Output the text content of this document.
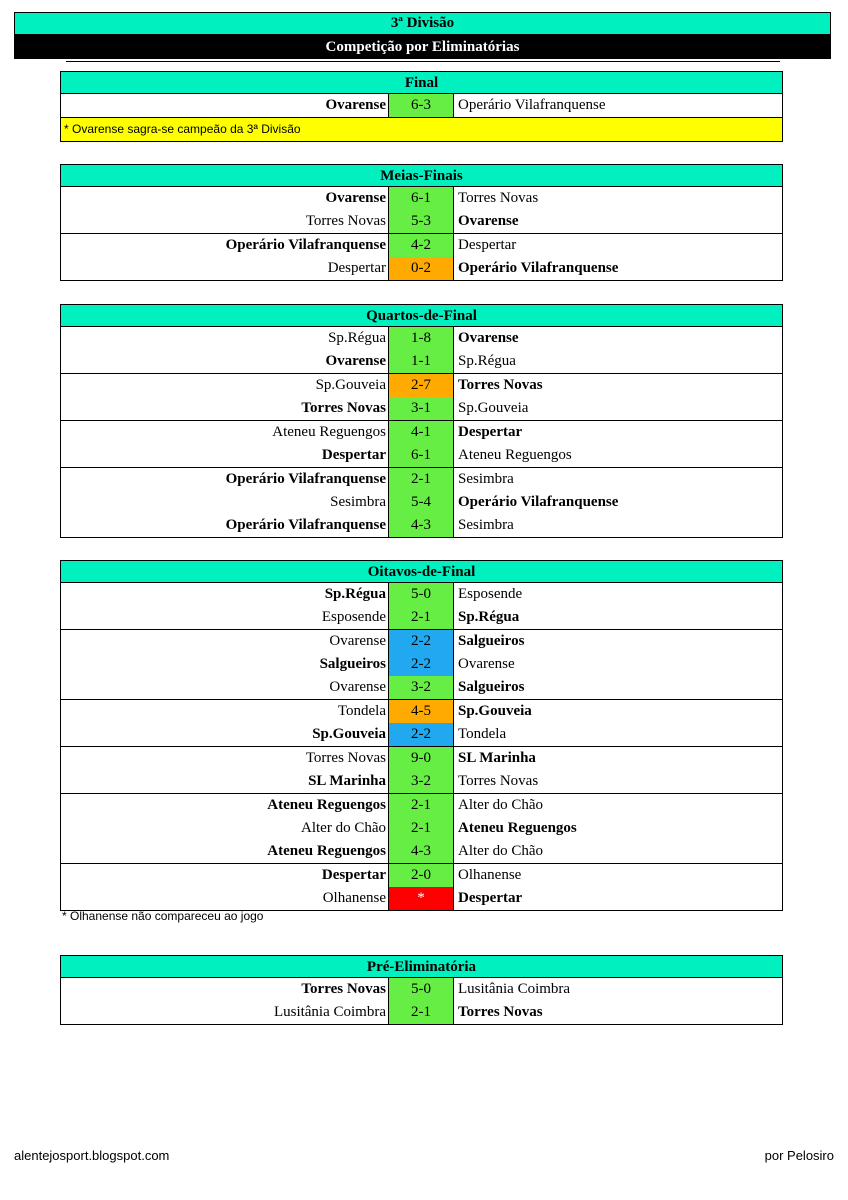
3ª Divisão
Competição por Eliminatórias
Final
Ovarense	6-3	Operário Vilafranquense
* Ovarense sagra-se campeão da 3ª Divisão
Meias-Finais
Ovarense	6-1	Torres Novas
Torres Novas	5-3	Ovarense
Operário Vilafranquense	4-2	Despertar
Despertar	0-2	Operário Vilafranquense
Quartos-de-Final
Sp.Régua	1-8	Ovarense
Ovarense	1-1	Sp.Régua
Sp.Gouveia	2-7	Torres Novas
Torres Novas	3-1	Sp.Gouveia
Ateneu Reguengos	4-1	Despertar
Despertar	6-1	Ateneu Reguengos
Operário Vilafranquense	2-1	Sesimbra
Sesimbra	5-4	Operário Vilafranquense
Operário Vilafranquense	4-3	Sesimbra
Oitavos-de-Final
Sp.Régua	5-0	Esposende
Esposende	2-1	Sp.Régua
Ovarense	2-2	Salgueiros
Salgueiros	2-2	Ovarense
Ovarense	3-2	Salgueiros
Tondela	4-5	Sp.Gouveia
Sp.Gouveia	2-2	Tondela
Torres Novas	9-0	SL Marinha
SL Marinha	3-2	Torres Novas
Ateneu Reguengos	2-1	Alter do Chão
Alter do Chão	2-1	Ateneu Reguengos
Ateneu Reguengos	4-3	Alter do Chão
Despertar	2-0	Olhanense
Olhanense	*	Despertar
* Olhanense não compareceu ao jogo
Pré-Eliminatória
Torres Novas	5-0	Lusitânia Coimbra
Lusitânia Coimbra	2-1	Torres Novas
alentejosport.blogspot.com	por Pelosiro
